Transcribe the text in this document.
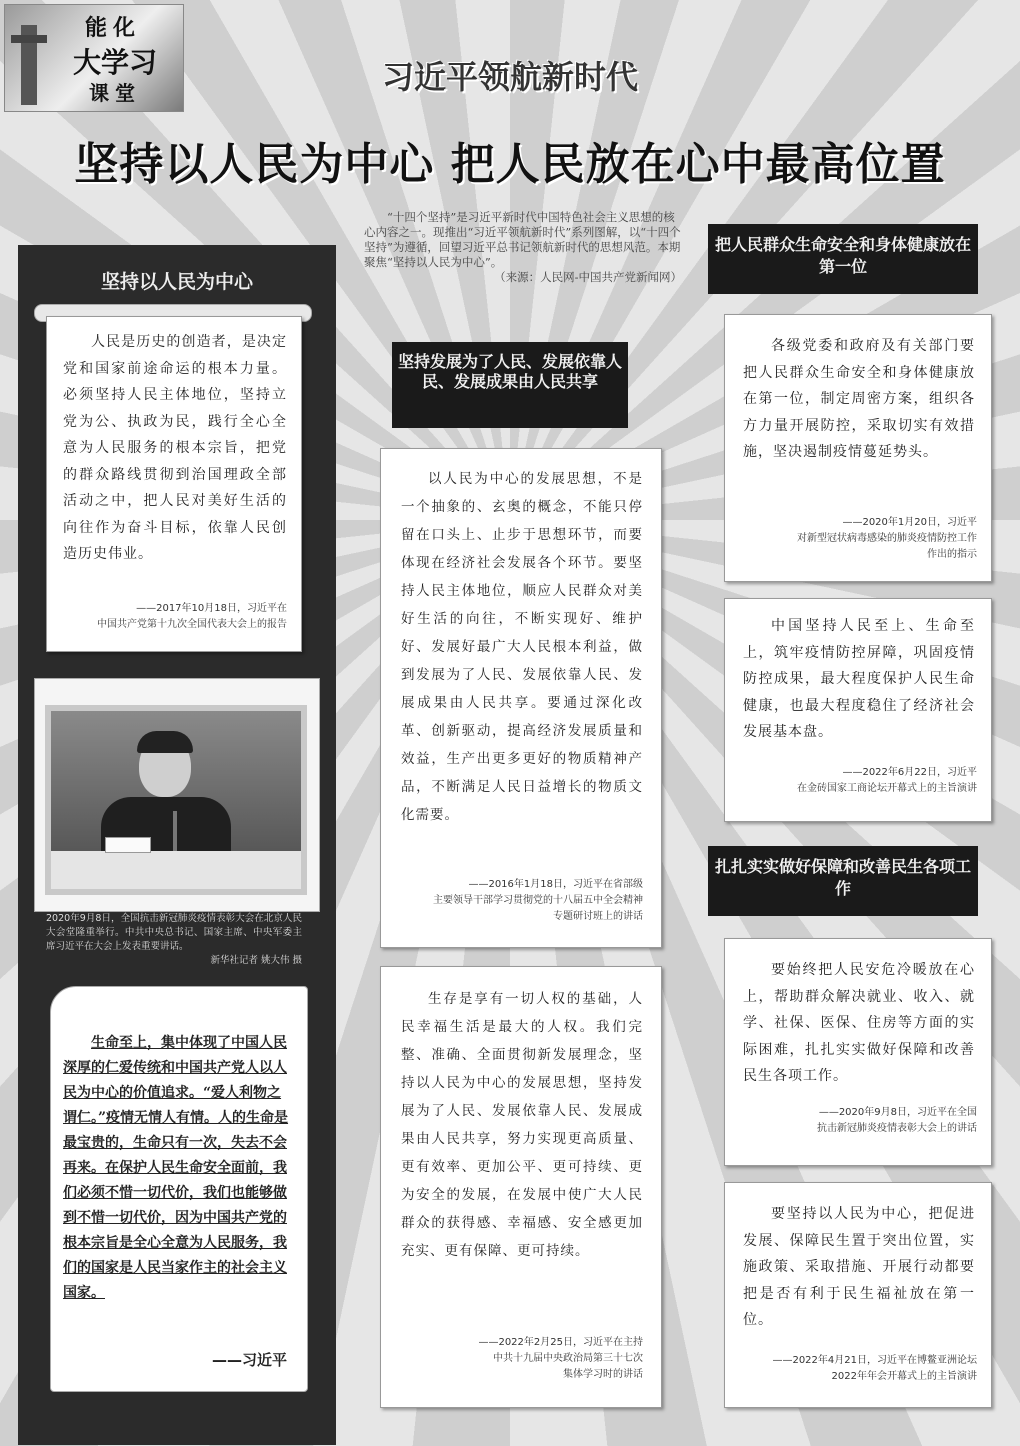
能化
大学习
课堂	习近平领航新时代
坚持以人民为中心 把人民放在心中最高位置
“十四个坚持”是习近平新时代中国特色社会主义思想的核心内容之一。现推出“习近平领航新时代”系列图解，以“十四个坚持”为遵循，回望习近平总书记领航新时代的思想风范。本期聚焦“坚持以人民为中心”。
（来源：人民网-中国共产党新闻网）
坚持以人民为中心
人民是历史的创造者，是决定党和国家前途命运的根本力量。必须坚持人民主体地位，坚持立党为公、执政为民，践行全心全意为人民服务的根本宗旨，把党的群众路线贯彻到治国理政全部活动之中，把人民对美好生活的向往作为奋斗目标，依靠人民创造历史伟业。
——2017年10月18日，习近平在
中国共产党第十九次全国代表大会上的报告
2020年9月8日，全国抗击新冠肺炎疫情表彰大会在北京人民大会堂隆重举行。中共中央总书记、国家主席、中央军委主席习近平在大会上发表重要讲话。
新华社记者 姚大伟 摄
生命至上，集中体现了中国人民深厚的仁爱传统和中国共产党人以人民为中心的价值追求。“爱人利物之谓仁。”疫情无情人有情。人的生命是最宝贵的，生命只有一次，失去不会再来。在保护人民生命安全面前，我们必须不惜一切代价，我们也能够做到不惜一切代价，因为中国共产党的根本宗旨是全心全意为人民服务，我们的国家是人民当家作主的社会主义国家。
——习近平
坚持发展为了人民、发展依靠人民、发展成果由人民共享
以人民为中心的发展思想，不是一个抽象的、玄奥的概念，不能只停留在口头上、止步于思想环节，而要体现在经济社会发展各个环节。要坚持人民主体地位，顺应人民群众对美好生活的向往，不断实现好、维护好、发展好最广大人民根本利益，做到发展为了人民、发展依靠人民、发展成果由人民共享。要通过深化改革、创新驱动，提高经济发展质量和效益，生产出更多更好的物质精神产品，不断满足人民日益增长的物质文化需要。
——2016年1月18日，习近平在省部级
主要领导干部学习贯彻党的十八届五中全会精神
专题研讨班上的讲话
生存是享有一切人权的基础，人民幸福生活是最大的人权。我们完整、准确、全面贯彻新发展理念，坚持以人民为中心的发展思想，坚持发展为了人民、发展依靠人民、发展成果由人民共享，努力实现更高质量、更有效率、更加公平、更可持续、更为安全的发展，在发展中使广大人民群众的获得感、幸福感、安全感更加充实、更有保障、更可持续。
——2022年2月25日，习近平在主持
中共十九届中央政治局第三十七次
集体学习时的讲话
把人民群众生命安全和身体健康放在第一位
各级党委和政府及有关部门要把人民群众生命安全和身体健康放在第一位，制定周密方案，组织各方力量开展防控，采取切实有效措施，坚决遏制疫情蔓延势头。
——2020年1月20日，习近平
对新型冠状病毒感染的肺炎疫情防控工作
作出的指示
中国坚持人民至上、生命至上，筑牢疫情防控屏障，巩固疫情防控成果，最大程度保护人民生命健康，也最大程度稳住了经济社会发展基本盘。
——2022年6月22日，习近平
在金砖国家工商论坛开幕式上的主旨演讲
扎扎实实做好保障和改善民生各项工作
要始终把人民安危冷暖放在心上，帮助群众解决就业、收入、就学、社保、医保、住房等方面的实际困难，扎扎实实做好保障和改善民生各项工作。
——2020年9月8日，习近平在全国
抗击新冠肺炎疫情表彰大会上的讲话
要坚持以人民为中心，把促进发展、保障民生置于突出位置，实施政策、采取措施、开展行动都要把是否有利于民生福祉放在第一位。
——2022年4月21日，习近平在博鳌亚洲论坛
2022年年会开幕式上的主旨演讲
